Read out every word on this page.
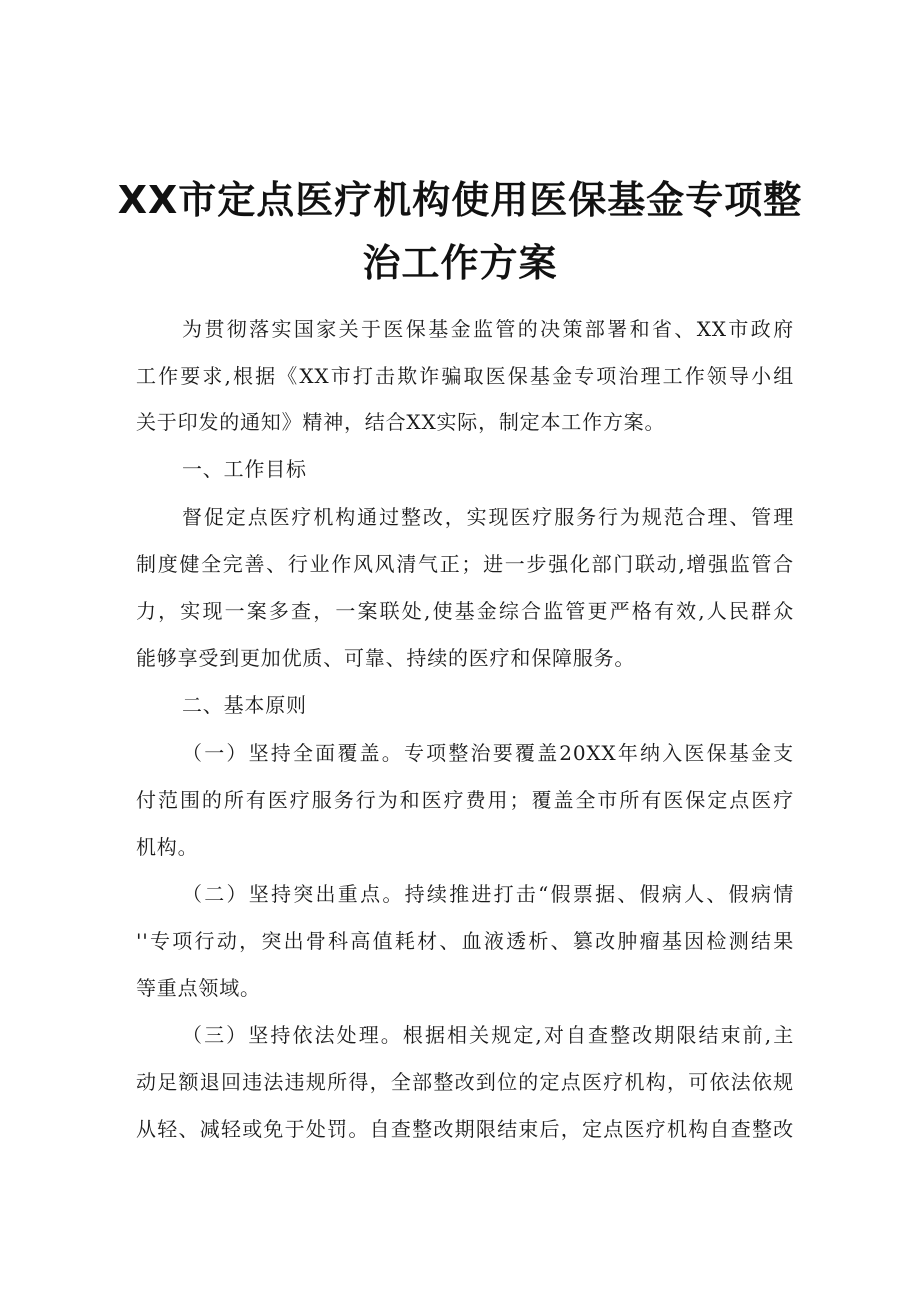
XX市定点医疗机构使用医保基金专项整
治工作方案
为贯彻落实国家关于医保基金监管的决策部署和省、XX市政府
工作要求,根据《XX市打击欺诈骗取医保基金专项治理工作领导小组
关于印发的通知》精神，结合XX实际，制定本工作方案。
一、工作目标
督促定点医疗机构通过整改，实现医疗服务行为规范合理、管理
制度健全完善、行业作风风清气正；进一步强化部门联动,增强监管合
力，实现一案多查，一案联处,使基金综合监管更严格有效,人民群众
能够享受到更加优质、可靠、持续的医疗和保障服务。
二、基本原则
（一）坚持全面覆盖。专项整治要覆盖20XX年纳入医保基金支
付范围的所有医疗服务行为和医疗费用；覆盖全市所有医保定点医疗
机构。
（二）坚持突出重点。持续推进打击“假票据、假病人、假病情
''专项行动，突出骨科高值耗材、血液透析、篡改肿瘤基因检测结果
等重点领域。
（三）坚持依法处理。根据相关规定,对自查整改期限结束前,主
动足额退回违法违规所得，全部整改到位的定点医疗机构，可依法依规
从轻、减轻或免于处罚。自查整改期限结束后，定点医疗机构自查整改
